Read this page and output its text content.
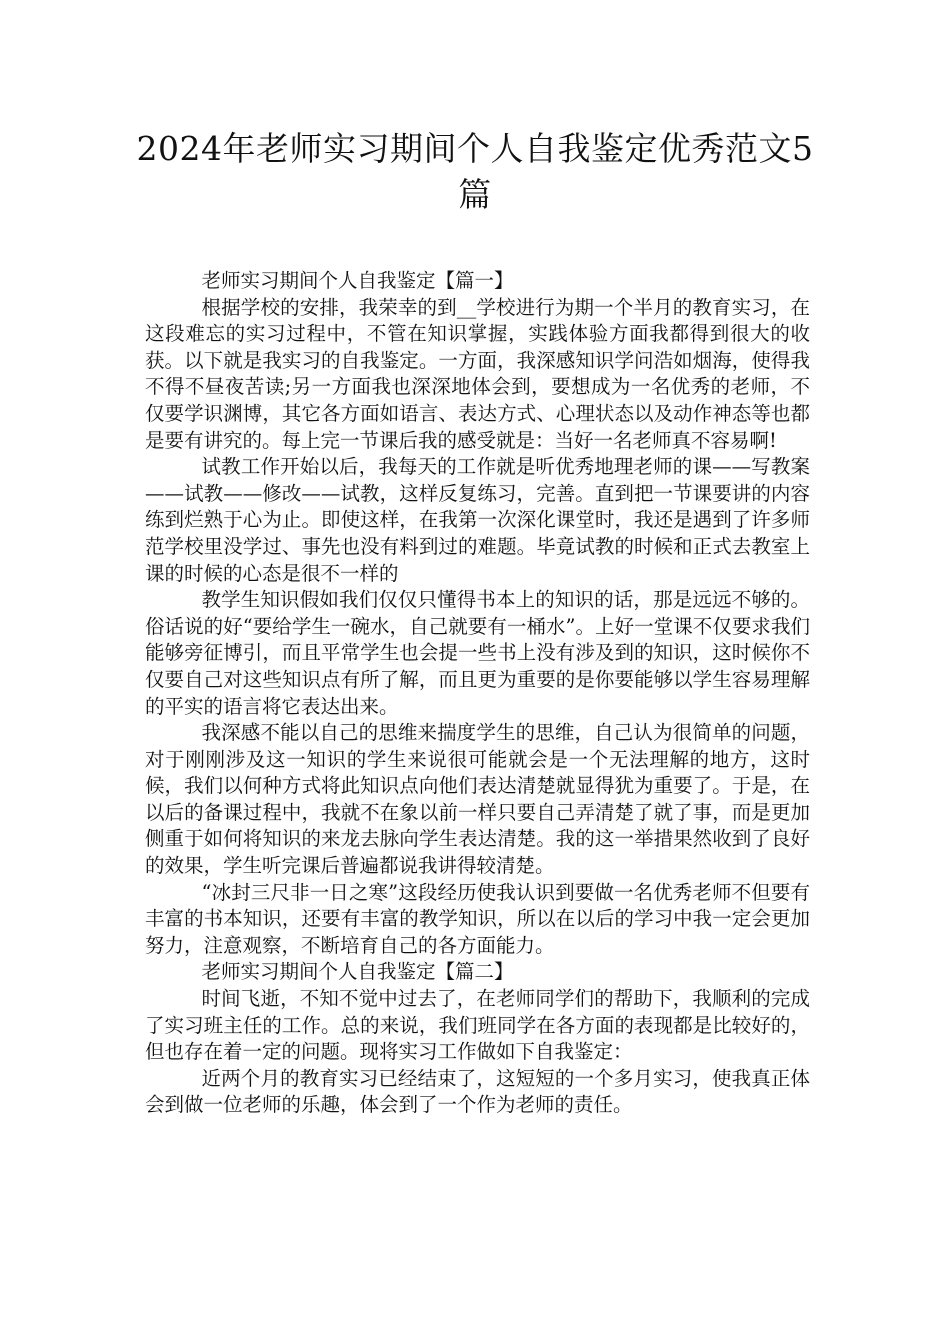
2024年老师实习期间个人自我鉴定优秀范文5篇

老师实习期间个人自我鉴定【篇一】

根据学校的安排，我荣幸的到__学校进行为期一个半月的教育实习，在这段难忘的实习过程中，不管在知识掌握，实践体验方面我都得到很大的收获。以下就是我实习的自我鉴定。一方面，我深感知识学问浩如烟海，使得我不得不昼夜苦读;另一方面我也深深地体会到，要想成为一名优秀的老师，不仅要学识渊博，其它各方面如语言、表达方式、心理状态以及动作神态等也都是要有讲究的。每上完一节课后我的感受就是：当好一名老师真不容易啊!

试教工作开始以后，我每天的工作就是听优秀地理老师的课——写教案——试教——修改——试教，这样反复练习，完善。直到把一节课要讲的内容练到烂熟于心为止。即使这样，在我第一次深化课堂时，我还是遇到了许多师范学校里没学过、事先也没有料到过的难题。毕竟试教的时候和正式去教室上课的时候的心态是很不一样的

教学生知识假如我们仅仅只懂得书本上的知识的话，那是远远不够的。俗话说的好“要给学生一碗水，自己就要有一桶水”。上好一堂课不仅要求我们能够旁征博引，而且平常学生也会提一些书上没有涉及到的知识，这时候你不仅要自己对这些知识点有所了解，而且更为重要的是你要能够以学生容易理解的平实的语言将它表达出来。

我深感不能以自己的思维来揣度学生的思维，自己认为很简单的问题，对于刚刚涉及这一知识的学生来说很可能就会是一个无法理解的地方，这时候，我们以何种方式将此知识点向他们表达清楚就显得犹为重要了。于是，在以后的备课过程中，我就不在象以前一样只要自己弄清楚了就了事，而是更加侧重于如何将知识的来龙去脉向学生表达清楚。我的这一举措果然收到了良好的效果，学生听完课后普遍都说我讲得较清楚。

“冰封三尺非一日之寒”这段经历使我认识到要做一名优秀老师不但要有丰富的书本知识，还要有丰富的教学知识，所以在以后的学习中我一定会更加努力，注意观察，不断培育自己的各方面能力。

老师实习期间个人自我鉴定【篇二】

时间飞逝，不知不觉中过去了，在老师同学们的帮助下，我顺利的完成了实习班主任的工作。总的来说，我们班同学在各方面的表现都是比较好的，但也存在着一定的问题。现将实习工作做如下自我鉴定：

近两个月的教育实习已经结束了，这短短的一个多月实习，使我真正体会到做一位老师的乐趣，体会到了一个作为老师的责任。
